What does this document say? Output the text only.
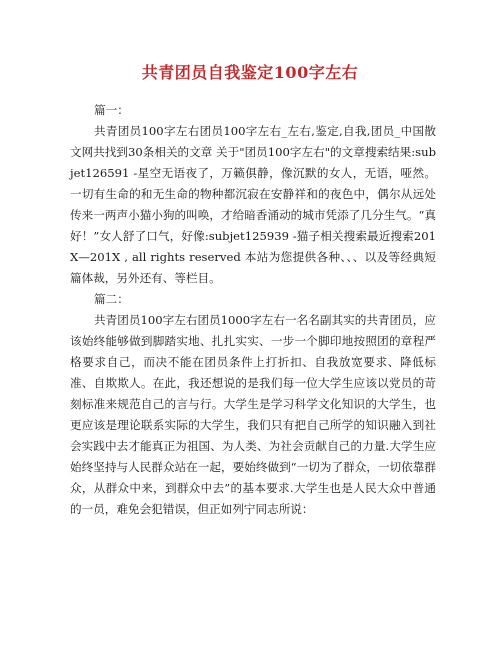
共青团员自我鉴定100字左右

篇一：

共青团员100字左右团员100字左右_左右,鉴定,自我,团员_中国散文网共找到30条相关的文章 关于"团员100字左右"的文章搜索结果:subjet126591 -星空无语夜了，万籁俱静，像沉默的女人，无语，哑然。一切有生命的和无生命的物种都沉寂在安静祥和的夜色中，偶尔从远处传来一两声小猫小狗的叫唤，才给暗香涌动的城市凭添了几分生气。“真好！”女人舒了口气，好像:subjet125939 -猫子相关搜索最近搜索201X—201X , all rights reserved 本站为您提供各种、、、以及等经典短篇体裁，另外还有、等栏目。

篇二：

共青团员100字左右团员1000字左右一名名副其实的共青团员，应该始终能够做到脚踏实地、扎扎实实、一步一个脚印地按照团的章程严格要求自己，而决不能在团员条件上打折扣、自我放宽要求、降低标准、自欺欺人。在此，我还想说的是我们每一位大学生应该以党员的苛刻标准来规范自己的言与行。大学生是学习科学文化知识的大学生，也更应该是理论联系实际的大学生，我们只有把自己所学的知识融入到社会实践中去才能真正为祖国、为人类、为社会贡献自己的力量.大学生应始终坚持与人民群众站在一起，要始终做到“一切为了群众，一切依靠群众，从群众中来，到群众中去”的基本要求.大学生也是人民大众中普通的一员，难免会犯错误，但正如列宁同志所说：
